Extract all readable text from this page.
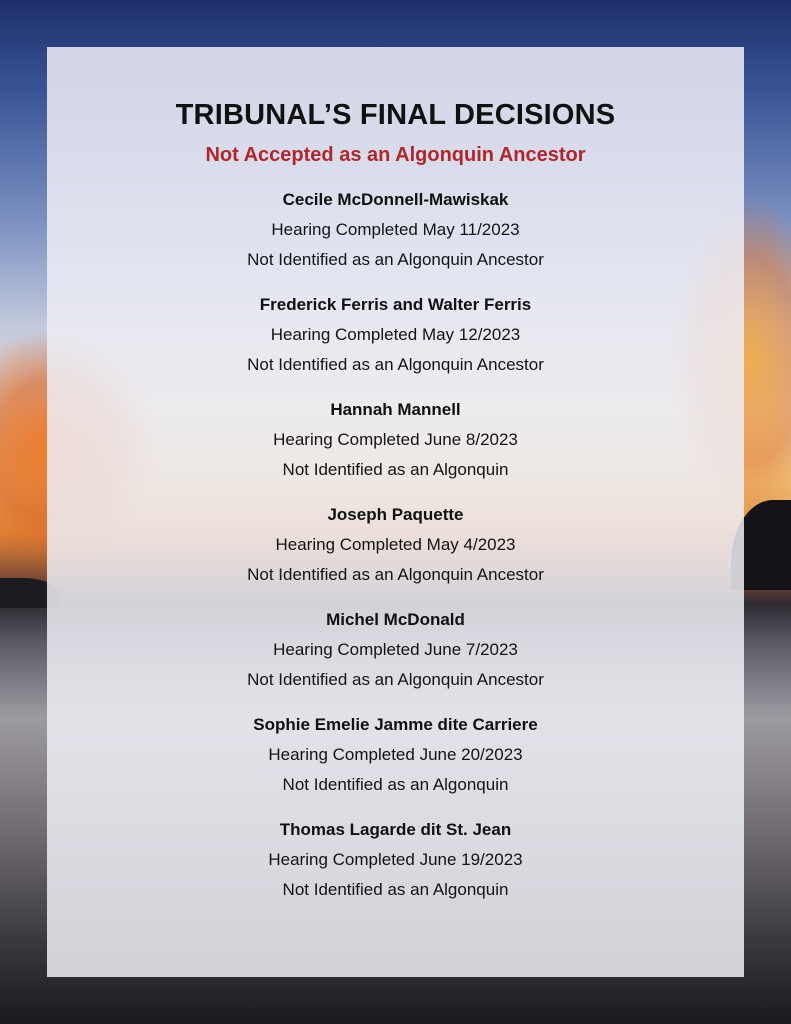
TRIBUNAL’S FINAL DECISIONS
Not Accepted as an Algonquin Ancestor
Cecile McDonnell-Mawiskak
Hearing Completed May 11/2023
Not Identified as an Algonquin Ancestor
Frederick Ferris and Walter Ferris
Hearing Completed May 12/2023
Not Identified as an Algonquin Ancestor
Hannah Mannell
Hearing Completed June 8/2023
Not Identified as an Algonquin
Joseph Paquette
Hearing Completed May 4/2023
Not Identified as an Algonquin Ancestor
Michel McDonald
Hearing Completed June 7/2023
Not Identified as an Algonquin Ancestor
Sophie Emelie Jamme dite Carriere
Hearing Completed June 20/2023
Not Identified as an Algonquin
Thomas Lagarde dit St. Jean
Hearing Completed June 19/2023
Not Identified as an Algonquin
